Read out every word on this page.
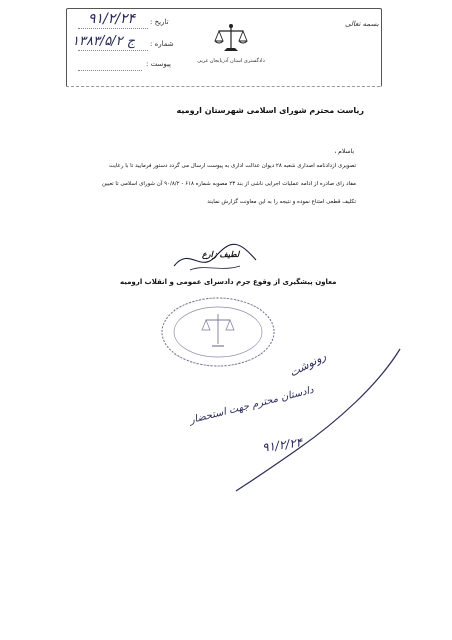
بسمه تعالی
دادگستری استان آذربایجان غربی
تاریخ :
شماره :
پیوست :
۹۱/۲/۲۴
۱۳۸۳/۵/۲ ج
ریاست محترم شورای اسلامی شهرستان ارومیه
باسلام ،
تصویری ازدادنامه اصداری شعبه ۲۸ دیوان عدالت اداری به پیوست ارسال می گردد دستور فرمایید تا با رعایت
مفاد رای صادره از ادامه عملیات اجرایی ناشی از بند ۲۳ مصوبه شماره ۶۱۸ - ۹۰/۸/۲ آن شورای اسلامی تا تعیین
تکلیف قطعی امتناع نموده و نتیجه را به این معاونت گزارش نمایند
لطیف زارع
معاون پیشگیری از وقوع جرم دادسرای عمومی و انقلاب ارومیه
رونوشت
دادستان محترم جهت استحضار
۹۱/۲/۲۴
